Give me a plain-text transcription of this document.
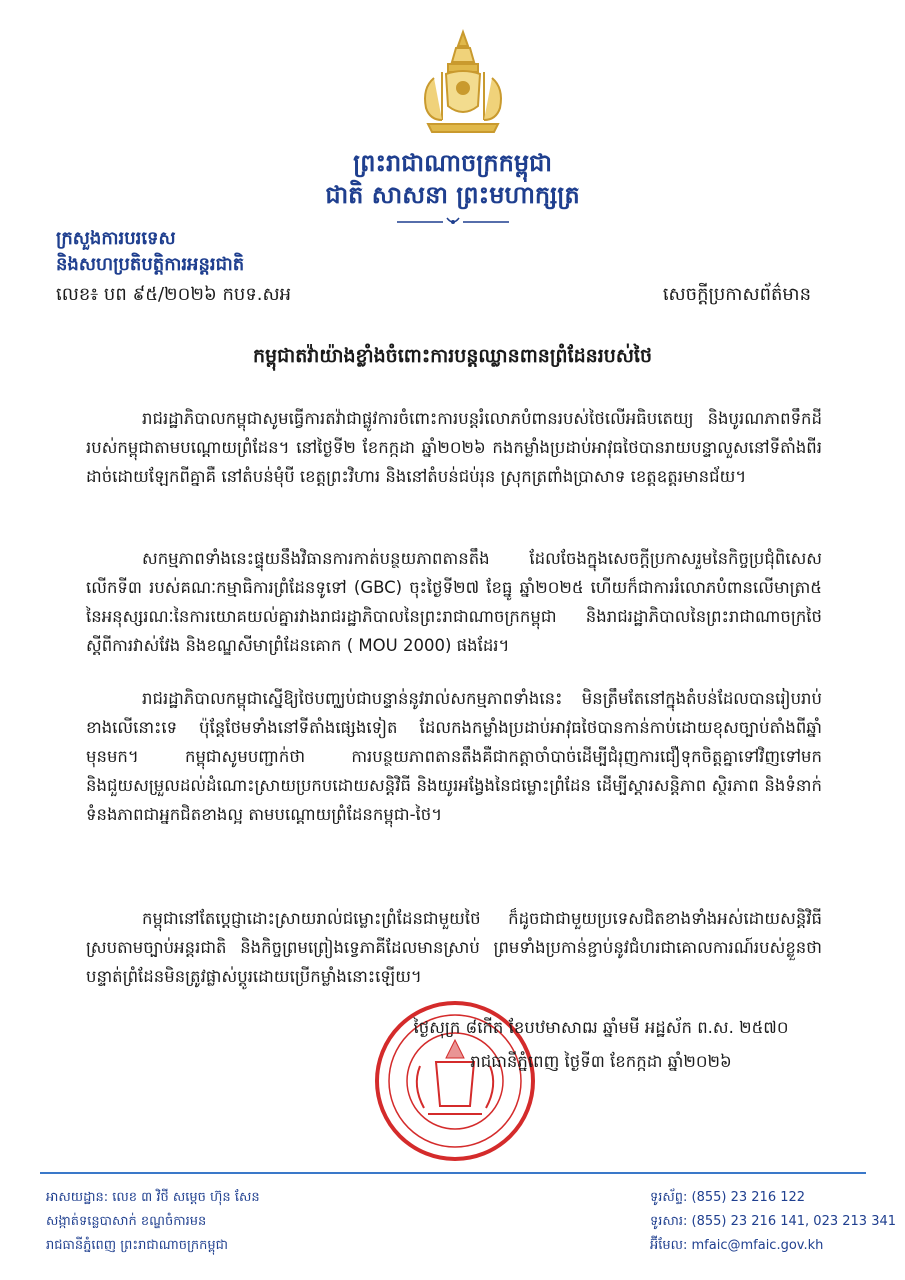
ព្រះរាជាណាចក្រកម្ពុជា
ជាតិ សាសនា ព្រះមហាក្សត្រ
ក្រសួងការបរទេស
និងសហប្រតិបត្តិការអន្តរជាតិ
លេខ៖ បព ៩៥/២០២៦ កបទ.សអ	សេចក្តីប្រកាសព័ត៌មាន
កម្ពុជាតវ៉ាយ៉ាងខ្លាំងចំពោះការបន្តឈ្លានពានព្រំដែនរបស់ថៃ

រាជរដ្ឋាភិបាលកម្ពុជាសូមធ្វើការតវ៉ាជាផ្លូវការចំពោះការបន្តរំលោភបំពានរបស់ថៃលើអធិបតេយ្យ និងបូរណភាពទឹកដីរបស់កម្ពុជាតាមបណ្តោយព្រំដែន។ នៅថ្ងៃទី២ ខែកក្កដា ឆ្នាំ២០២៦ កងកម្លាំងប្រដាប់អាវុធថៃបានរាយបន្ទាលួសនៅទីតាំងពីរដាច់ដោយឡែកពីគ្នាគឺ នៅតំបន់មុំបី ខេត្តព្រះវិហារ និងនៅតំបន់ជប់រុន ស្រុកត្រពាំងប្រាសាទ ខេត្តឧត្តរមានជ័យ។

សកម្មភាពទាំងនេះផ្ទុយនឹងវិធានការកាត់បន្ថយភាពតានតឹង ដែលចែងក្នុងសេចក្តីប្រកាសរួមនៃកិច្ចប្រជុំពិសេសលើកទី៣ របស់គណៈកម្មាធិការព្រំដែនទូទៅ (GBC) ចុះថ្ងៃទី២៧ ខែធ្នូ ឆ្នាំ២០២៥ ហើយក៏ជាការរំលោភបំពានលើមាត្រា៥ នៃអនុស្សរណៈនៃការយោគយល់គ្នារវាងរាជរដ្ឋាភិបាលនៃព្រះរាជាណាចក្រកម្ពុជា និងរាជរដ្ឋាភិបាលនៃព្រះរាជាណាចក្រថៃ ស្តីពីការវាស់វែង និងខណ្ឌសីមាព្រំដែនគោក ( MOU 2000) ផងដែរ។

រាជរដ្ឋាភិបាលកម្ពុជាស្នើឱ្យថៃបញ្ឈប់ជាបន្ទាន់នូវរាល់សកម្មភាពទាំងនេះ មិនត្រឹមតែនៅក្នុងតំបន់ដែលបានរៀបរាប់ខាងលើនោះទេ ប៉ុន្តែថែមទាំងនៅទីតាំងផ្សេងទៀត ដែលកងកម្លាំងប្រដាប់អាវុធថៃបានកាន់កាប់ដោយខុសច្បាប់តាំងពីឆ្នាំមុនមក។ កម្ពុជាសូមបញ្ជាក់ថា ការបន្ថយភាពតានតឹងគឺជាកត្តាចាំបាច់ដើម្បីជំរុញការជឿទុកចិត្តគ្នាទៅវិញទៅមក និងជួយសម្រួលដល់ដំណោះស្រាយប្រកបដោយសន្តិវិធី និងយូរអង្វែងនៃជម្លោះព្រំដែន ដើម្បីស្តារសន្តិភាព ស្ថិរភាព និងទំនាក់ទំនងភាពជាអ្នកជិតខាងល្អ តាមបណ្តោយព្រំដែនកម្ពុជា-ថៃ។

កម្ពុជានៅតែប្តេជ្ញាដោះស្រាយរាល់ជម្លោះព្រំដែនជាមួយថៃ ក៏ដូចជាជាមួយប្រទេសជិតខាងទាំងអស់ដោយសន្តិវិធី ស្របតាមច្បាប់អន្តរជាតិ និងកិច្ចព្រមព្រៀងទ្វេភាគីដែលមានស្រាប់ ព្រមទាំងប្រកាន់ខ្ជាប់នូវជំហរជាគោលការណ៍របស់ខ្លួនថា បន្ទាត់ព្រំដែនមិនត្រូវផ្លាស់ប្តូរដោយប្រើកម្លាំងនោះឡើយ។

ថ្ងៃសុក្រ ៨កើត ខែបឋមាសាឍ ឆ្នាំមមី អដ្ឋស័ក ព.ស. ២៥៧០
រាជធានីភ្នំពេញ ថ្ងៃទី៣ ខែកក្កដា ឆ្នាំ២០២៦
អាសយដ្ឋាន: លេខ ៣ វិថី សម្តេច ហ៊ុន សែន
សង្កាត់ទន្លេបាសាក់ ខណ្ឌចំការមន
រាជធានីភ្នំពេញ ព្រះរាជាណាចក្រកម្ពុជា
ទូរស័ព្ទ: (855) 23 216 122
ទូរសារ: (855) 23 216 141, 023 213 341
អ៊ីមែល: mfaic@mfaic.gov.kh
